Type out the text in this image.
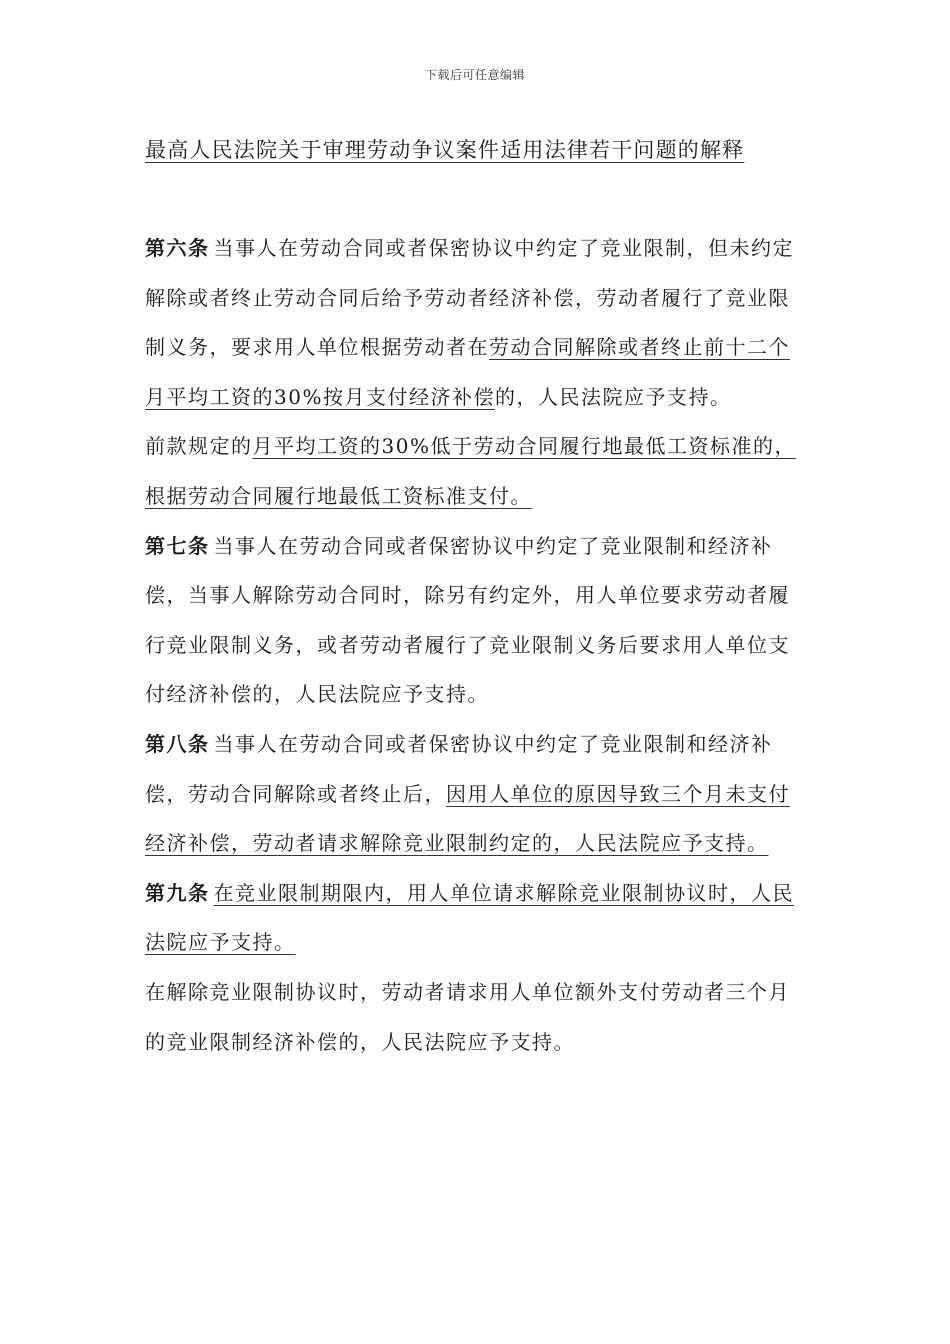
下载后可任意编辑
最高人民法院关于审理劳动争议案件适用法律若干问题的解释

第六条 当事人在劳动合同或者保密协议中约定了竞业限制，但未约定解除或者终止劳动合同后给予劳动者经济补偿，劳动者履行了竞业限制义务，要求用人单位根据劳动者在劳动合同解除或者终止前十二个月平均工资的30%按月支付经济补偿的，人民法院应予支持。

前款规定的月平均工资的30%低于劳动合同履行地最低工资标准的，根据劳动合同履行地最低工资标准支付。

第七条 当事人在劳动合同或者保密协议中约定了竞业限制和经济补偿，当事人解除劳动合同时，除另有约定外，用人单位要求劳动者履行竞业限制义务，或者劳动者履行了竞业限制义务后要求用人单位支付经济补偿的，人民法院应予支持。

第八条 当事人在劳动合同或者保密协议中约定了竞业限制和经济补偿，劳动合同解除或者终止后，因用人单位的原因导致三个月未支付经济补偿，劳动者请求解除竞业限制约定的，人民法院应予支持。

第九条 在竞业限制期限内，用人单位请求解除竞业限制协议时，人民法院应予支持。

在解除竞业限制协议时，劳动者请求用人单位额外支付劳动者三个月的竞业限制经济补偿的，人民法院应予支持。
